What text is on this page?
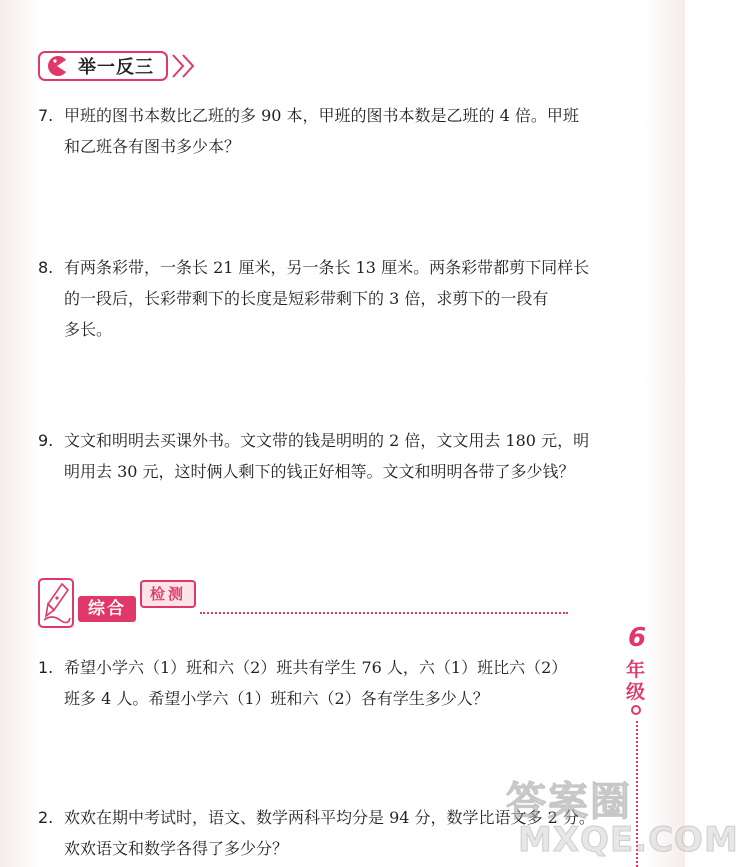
举一反三
7. 甲班的图书本数比乙班的多 90 本，甲班的图书本数是乙班的 4 倍。甲班
和乙班各有图书多少本？
8. 有两条彩带，一条长 21 厘米，另一条长 13 厘米。两条彩带都剪下同样长
的一段后，长彩带剩下的长度是短彩带剩下的 3 倍，求剪下的一段有
多长。
9. 文文和明明去买课外书。文文带的钱是明明的 2 倍，文文用去 180 元，明
明用去 30 元，这时俩人剩下的钱正好相等。文文和明明各带了多少钱？
综合
检测
1. 希望小学六（1）班和六（2）班共有学生 76 人，六（1）班比六（2）
班多 4 人。希望小学六（1）班和六（2）各有学生多少人？
2. 欢欢在期中考试时，语文、数学两科平均分是 94 分，数学比语文多 2 分。
欢欢语文和数学各得了多少分？
6
年
级
答案圈
MXQE.COM
